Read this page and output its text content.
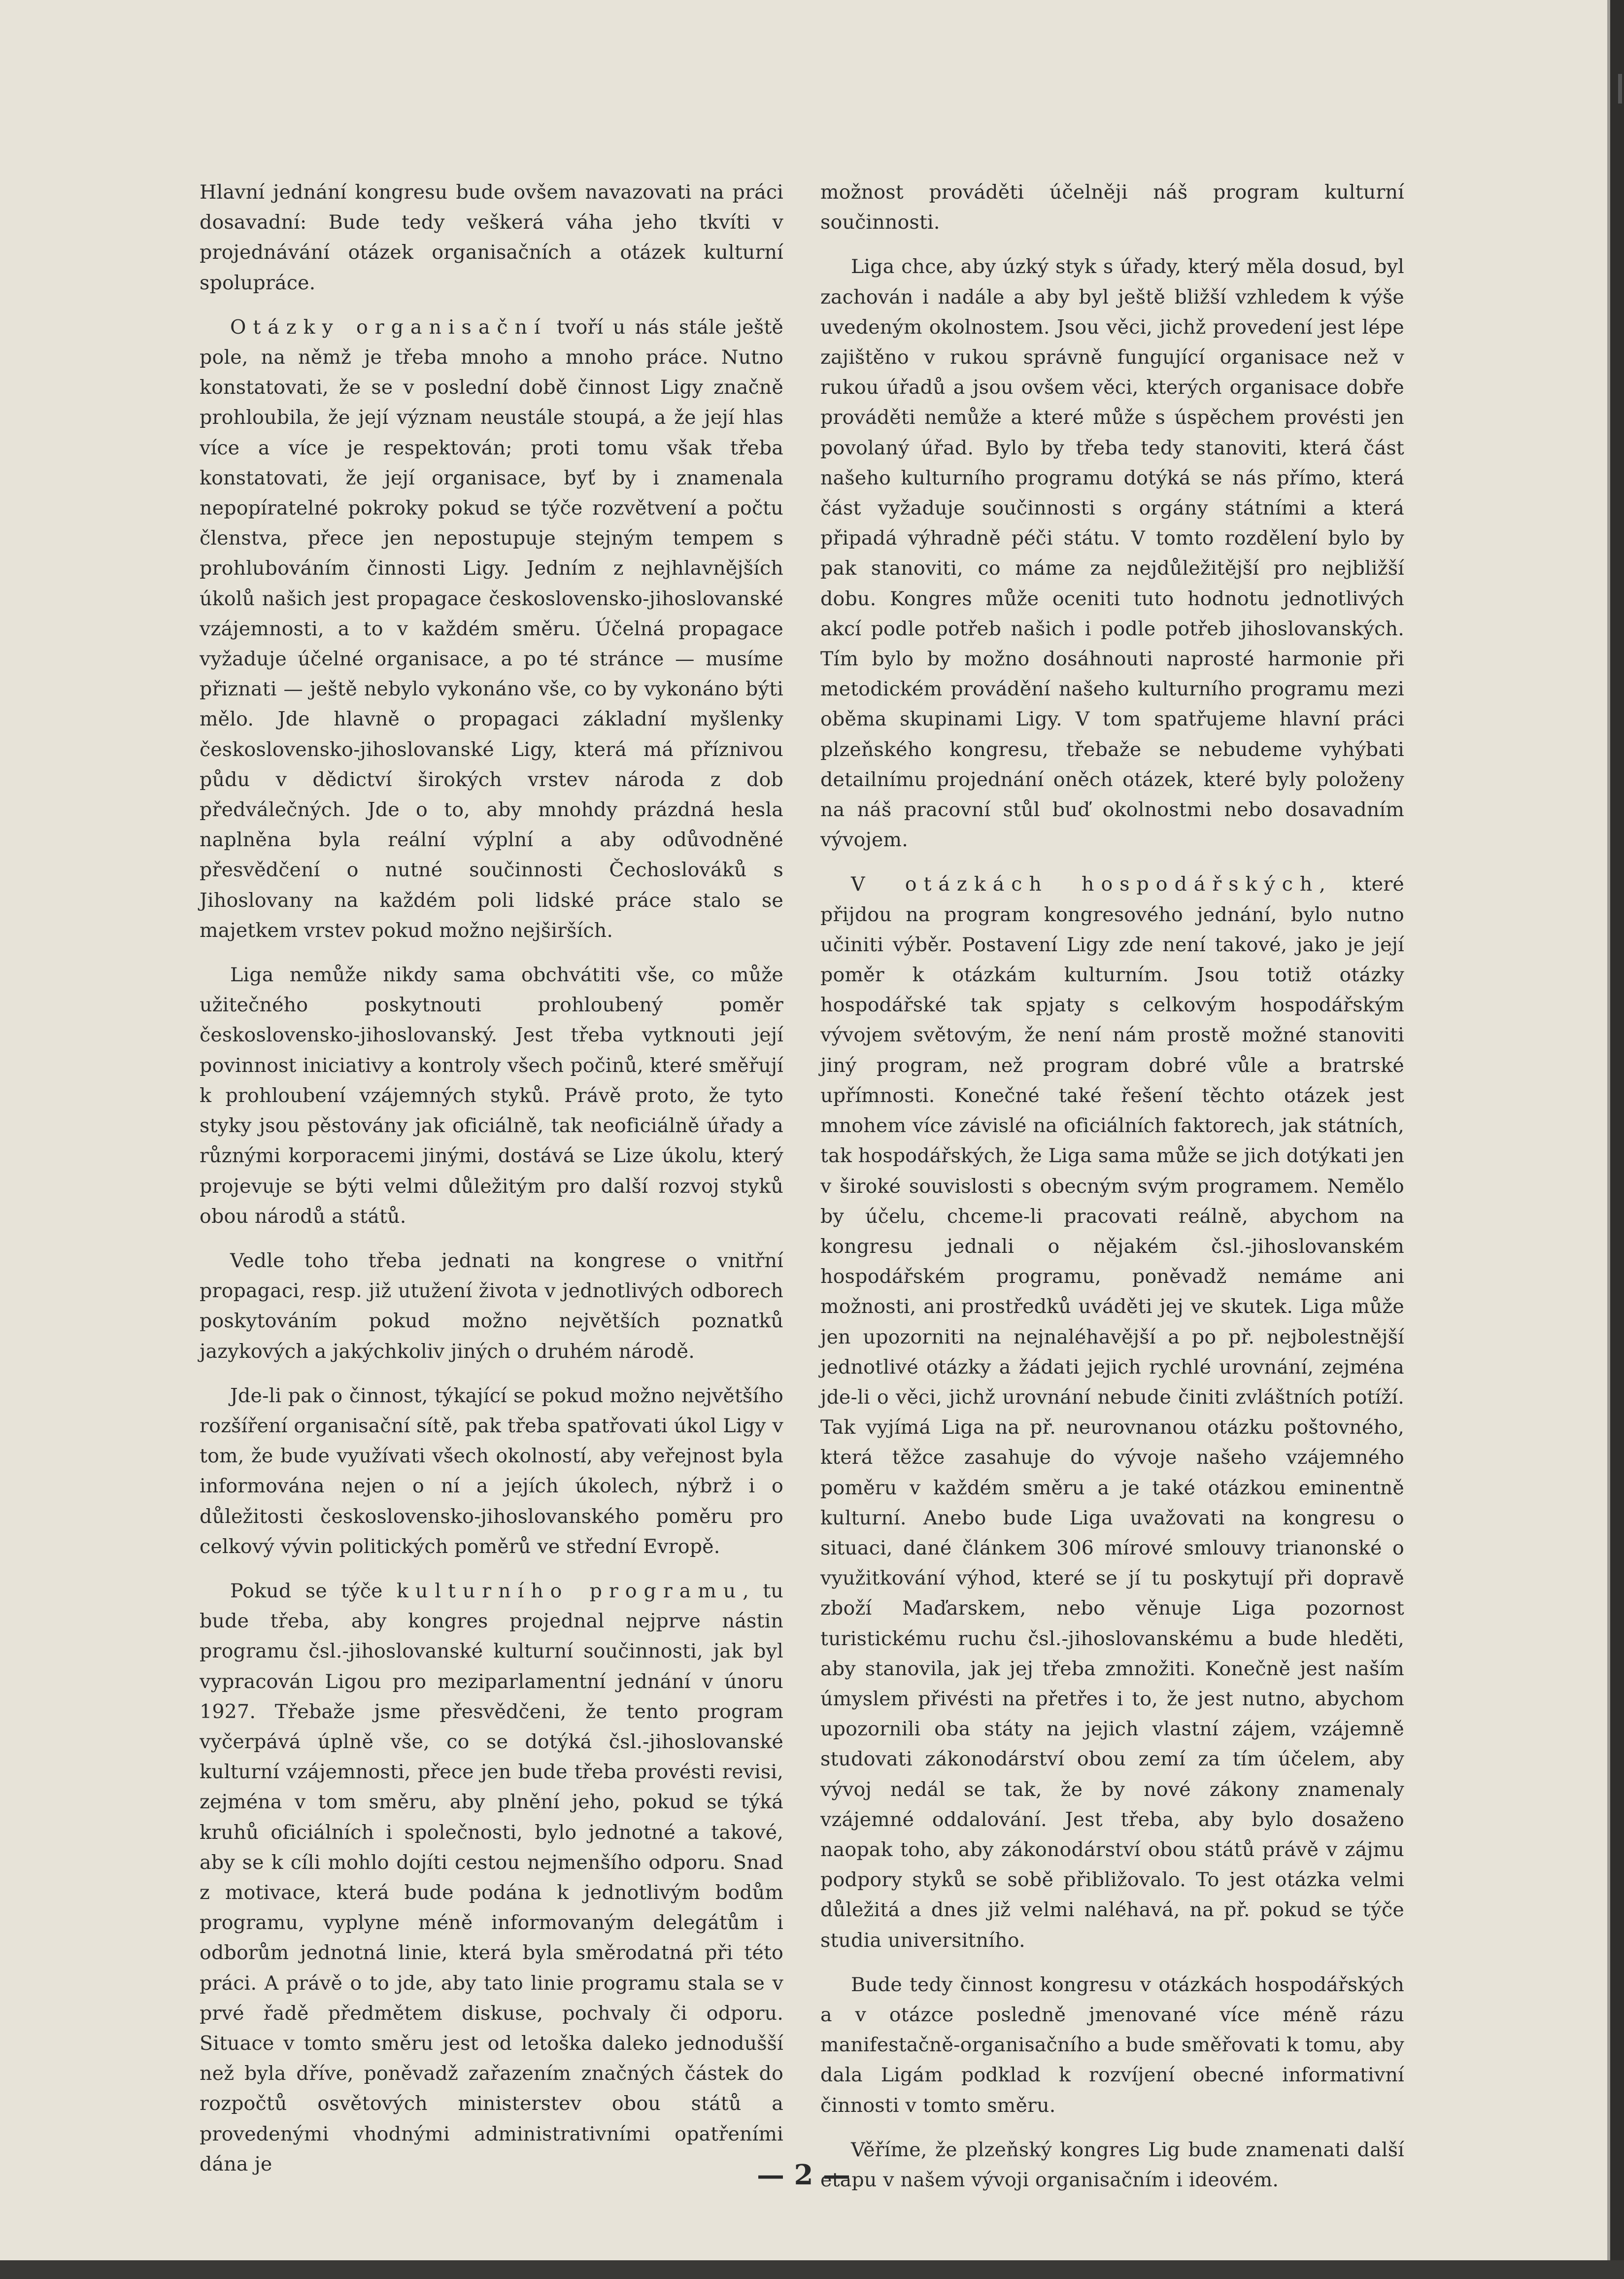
Hlavní jednání kongresu bude ovšem navazovati na práci dosavadní: Bude tedy veškerá váha jeho tkvíti v projednávání otázek organisačních a otázek kulturní spolupráce.

Otázky organisační tvoří u nás stále ještě pole, na němž je třeba mnoho a mnoho práce. Nutno konstatovati, že se v poslední době činnost Ligy značně prohloubila, že její význam neustále stoupá, a že její hlas více a více je respektován; proti tomu však třeba konstatovati, že její organisace, byť by i znamenala nepopíratelné pokroky pokud se týče rozvětvení a počtu členstva, přece jen nepostupuje stejným tempem s prohlubováním činnosti Ligy. Jedním z nejhlavnějších úkolů našich jest propagace československo-jihoslovanské vzájemnosti, a to v každém směru. Účelná propagace vyžaduje účelné organisace, a po té stránce — musíme přiznati — ještě nebylo vykonáno vše, co by vykonáno býti mělo. Jde hlavně o propagaci základní myšlenky československo-jihoslovanské Ligy, která má příznivou půdu v dědictví širokých vrstev národa z dob předválečných. Jde o to, aby mnohdy prázdná hesla naplněna byla reální výplní a aby odůvodněné přesvědčení o nutné součinnosti Čechoslováků s Jihoslovany na každém poli lidské práce stalo se majetkem vrstev pokud možno nejširších.

Liga nemůže nikdy sama obchvátiti vše, co může užitečného poskytnouti prohloubený poměr československo-jihoslovanský. Jest třeba vytknouti její povinnost iniciativy a kontroly všech počinů, které směřují k prohloubení vzájemných styků. Právě proto, že tyto styky jsou pěstovány jak oficiálně, tak neoficiálně úřady a různými korporacemi jinými, dostává se Lize úkolu, který projevuje se býti velmi důležitým pro další rozvoj styků obou národů a států.

Vedle toho třeba jednati na kongrese o vnitřní propagaci, resp. již utužení života v jednotlivých odborech poskytováním pokud možno největších poznatků jazykových a jakýchkoliv jiných o druhém národě.

Jde-li pak o činnost, týkající se pokud možno největšího rozšíření organisační sítě, pak třeba spatřovati úkol Ligy v tom, že bude využívati všech okolností, aby veřejnost byla informována nejen o ní a jejích úkolech, nýbrž i o důležitosti československo-jihoslovanského poměru pro celkový vývin politických poměrů ve střední Evropě.

Pokud se týče kulturního programu, tu bude třeba, aby kongres projednal nejprve nástin programu čsl.-jihoslovanské kulturní součinnosti, jak byl vypracován Ligou pro meziparlamentní jednání v únoru 1927. Třebaže jsme přesvědčeni, že tento program vyčerpává úplně vše, co se dotýká čsl.-jihoslovanské kulturní vzájemnosti, přece jen bude třeba provésti revisi, zejména v tom směru, aby plnění jeho, pokud se týká kruhů oficiálních i společnosti, bylo jednotné a takové, aby se k cíli mohlo dojíti cestou nejmenšího odporu. Snad z motivace, která bude podána k jednotlivým bodům programu, vyplyne méně informovaným delegátům i odborům jednotná linie, která byla směrodatná při této práci. A právě o to jde, aby tato linie programu stala se v prvé řadě předmětem diskuse, pochvaly či odporu. Situace v tomto směru jest od letoška daleko jednodušší než byla dříve, poněvadž zařazením značných částek do rozpočtů osvětových ministerstev obou států a provedenými vhodnými administrativními opatřeními dána je

možnost prováděti účelněji náš program kulturní součinnosti.

Liga chce, aby úzký styk s úřady, který měla dosud, byl zachován i nadále a aby byl ještě bližší vzhledem k výše uvedeným okolnostem. Jsou věci, jichž provedení jest lépe zajištěno v rukou správně fungující organisace než v rukou úřadů a jsou ovšem věci, kterých organisace dobře prováděti nemůže a které může s úspěchem provésti jen povolaný úřad. Bylo by třeba tedy stanoviti, která část našeho kulturního programu dotýká se nás přímo, která část vyžaduje součinnosti s orgány státními a která připadá výhradně péči státu. V tomto rozdělení bylo by pak stanoviti, co máme za nejdůležitější pro nejbližší dobu. Kongres může oceniti tuto hodnotu jednotlivých akcí podle potřeb našich i podle potřeb jihoslovanských. Tím bylo by možno dosáhnouti naprosté harmonie při metodickém provádění našeho kulturního programu mezi oběma skupinami Ligy. V tom spatřujeme hlavní práci plzeňského kongresu, třebaže se nebudeme vyhýbati detailnímu projednání oněch otázek, které byly položeny na náš pracovní stůl buď okolnostmi nebo dosavadním vývojem.

V otázkách hospodářských, které přijdou na program kongresového jednání, bylo nutno učiniti výběr. Postavení Ligy zde není takové, jako je její poměr k otázkám kulturním. Jsou totiž otázky hospodářské tak spjaty s celkovým hospodářským vývojem světovým, že není nám prostě možné stanoviti jiný program, než program dobré vůle a bratrské upřímnosti. Konečné také řešení těchto otázek jest mnohem více závislé na oficiálních faktorech, jak státních, tak hospodářských, že Liga sama může se jich dotýkati jen v široké souvislosti s obecným svým programem. Nemělo by účelu, chceme-li pracovati reálně, abychom na kongresu jednali o nějakém čsl.-jihoslovanském hospodářském programu, poněvadž nemáme ani možnosti, ani prostředků uváděti jej ve skutek. Liga může jen upozorniti na nejnaléhavější a po př. nejbolestnější jednotlivé otázky a žádati jejich rychlé urovnání, zejména jde-li o věci, jichž urovnání nebude činiti zvláštních potíží. Tak vyjímá Liga na př. neurovnanou otázku poštovného, která těžce zasahuje do vývoje našeho vzájemného poměru v každém směru a je také otázkou eminentně kulturní. Anebo bude Liga uvažovati na kongresu o situaci, dané článkem 306 mírové smlouvy trianonské o využitkování výhod, které se jí tu poskytují při dopravě zboží Maďarskem, nebo věnuje Liga pozornost turistickému ruchu čsl.-jihoslovanskému a bude hleděti, aby stanovila, jak jej třeba zmnožiti. Konečně jest naším úmyslem přivésti na přetřes i to, že jest nutno, abychom upozornili oba státy na jejich vlastní zájem, vzájemně studovati zákonodárství obou zemí za tím účelem, aby vývoj nedál se tak, že by nové zákony znamenaly vzájemné oddalování. Jest třeba, aby bylo dosaženo naopak toho, aby zákonodárství obou států právě v zájmu podpory styků se sobě přibližovalo. To jest otázka velmi důležitá a dnes již velmi naléhavá, na př. pokud se týče studia universitního.

Bude tedy činnost kongresu v otázkách hospodářských a v otázce posledně jmenované více méně rázu manifestačně-organisačního a bude směřovati k tomu, aby dala Ligám podklad k rozvíjení obecné informativní činnosti v tomto směru.

Věříme, že plzeňský kongres Lig bude znamenati další etapu v našem vývoji organisačním i ideovém.

— 2 —
